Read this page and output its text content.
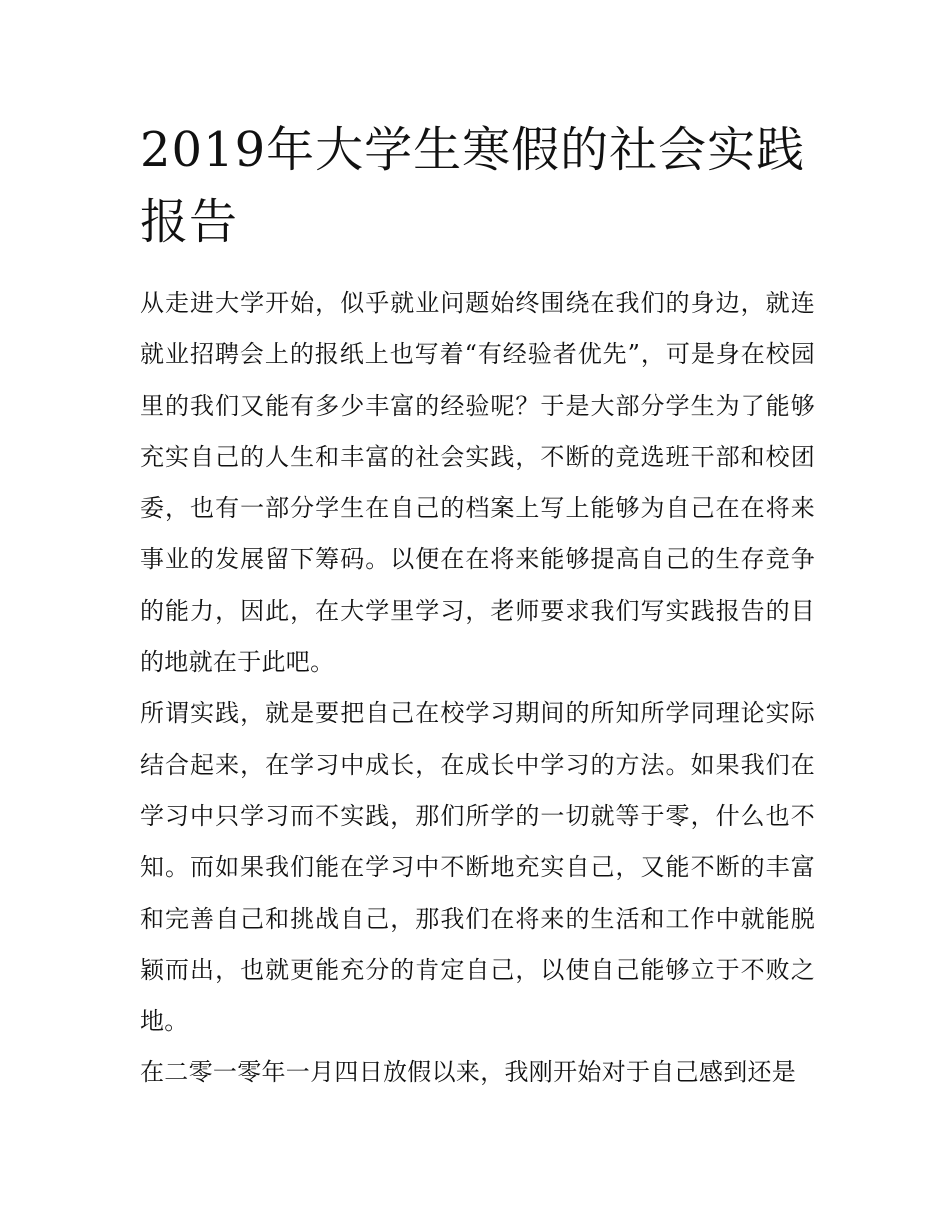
2019年大学生寒假的社会实践报告

从走进大学开始，似乎就业问题始终围绕在我们的身边，就连就业招聘会上的报纸上也写着“有经验者优先”，可是身在校园里的我们又能有多少丰富的经验呢？于是大部分学生为了能够充实自己的人生和丰富的社会实践，不断的竞选班干部和校团委，也有一部分学生在自己的档案上写上能够为自己在在将来事业的发展留下筹码。以便在在将来能够提高自己的生存竞争的能力，因此，在大学里学习，老师要求我们写实践报告的目的地就在于此吧。

所谓实践，就是要把自己在校学习期间的所知所学同理论实际结合起来，在学习中成长，在成长中学习的方法。如果我们在学习中只学习而不实践，那们所学的一切就等于零，什么也不知。而如果我们能在学习中不断地充实自己，又能不断的丰富和完善自己和挑战自己，那我们在将来的生活和工作中就能脱颖而出，也就更能充分的肯定自己，以使自己能够立于不败之地。

在二零一零年一月四日放假以来，我刚开始对于自己感到还是
